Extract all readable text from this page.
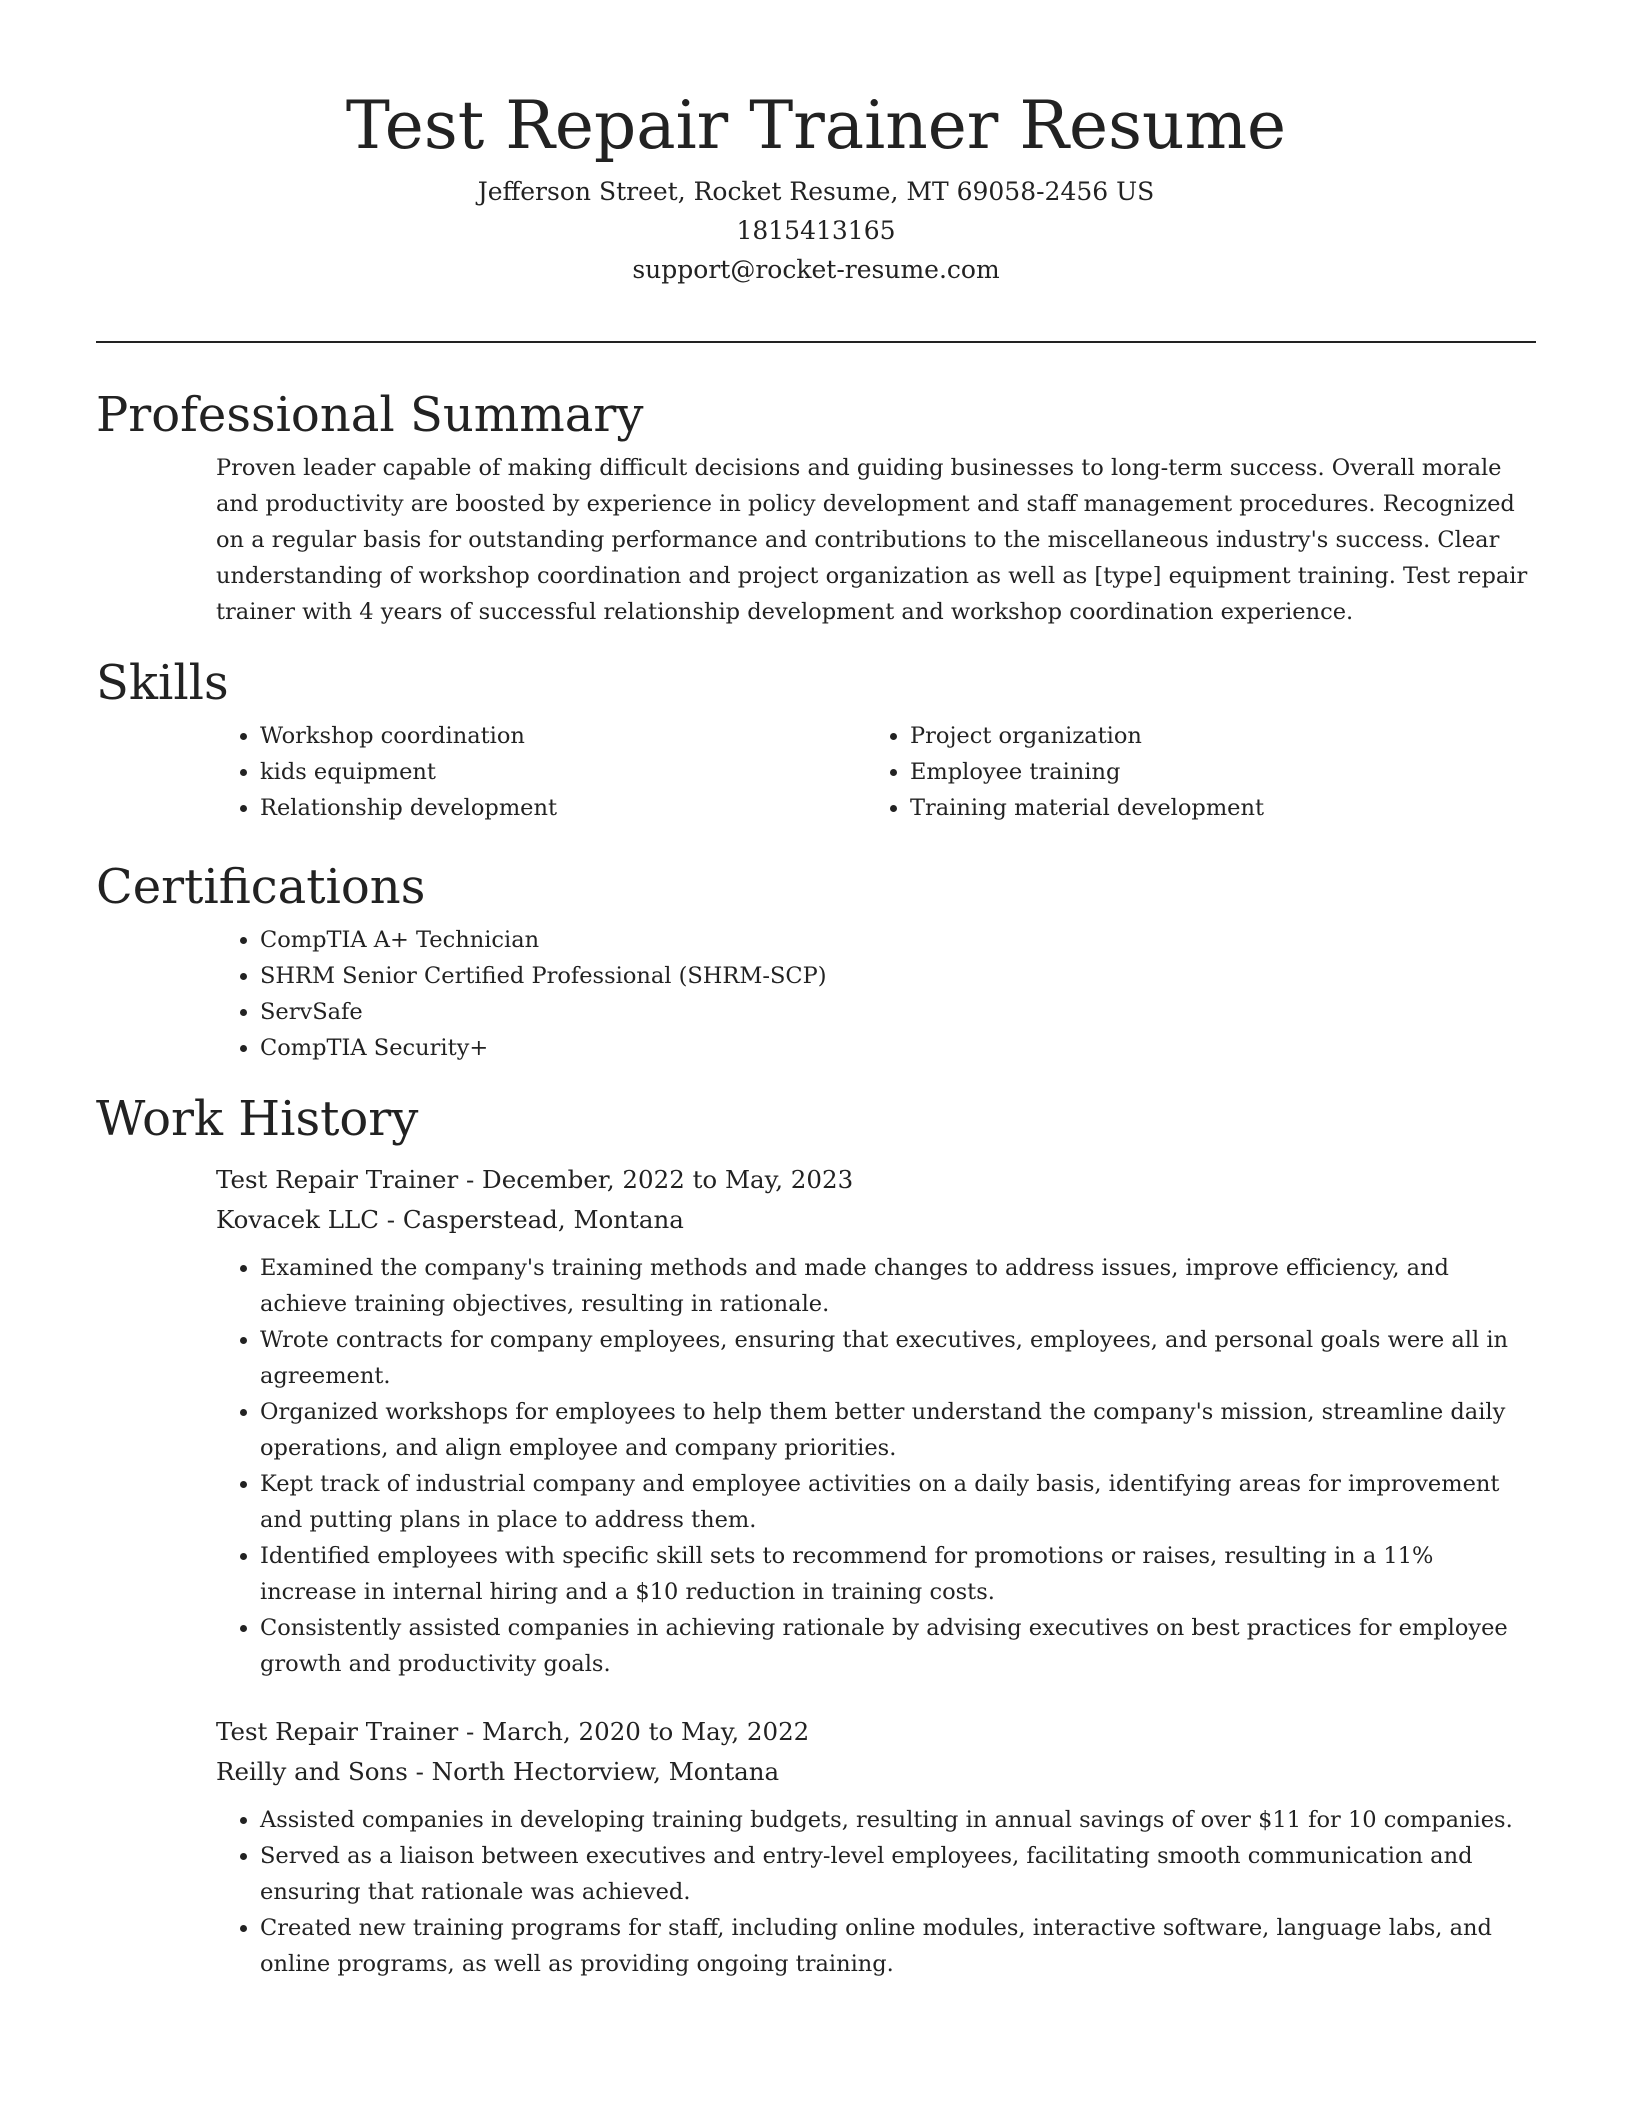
Test Repair Trainer Resume
Jefferson Street, Rocket Resume, MT 69058-2456 US
1815413165
support@rocket-resume.com
Professional Summary

Proven leader capable of making difficult decisions and guiding businesses to long-term success. Overall morale and productivity are boosted by experience in policy development and staff management procedures. Recognized on a regular basis for outstanding performance and contributions to the miscellaneous industry's success. Clear understanding of workshop coordination and project organization as well as [type] equipment training. Test repair trainer with 4 years of successful relationship development and workshop coordination experience.

Skills
• Workshop coordination
• kids equipment
• Relationship development
• Project organization
• Employee training
• Training material development
Certifications
• CompTIA A+ Technician
• SHRM Senior Certified Professional (SHRM-SCP)
• ServSafe
• CompTIA Security+
Work History
Test Repair Trainer - December, 2022 to May, 2023
Kovacek LLC - Casperstead, Montana
• Examined the company's training methods and made changes to address issues, improve efficiency, and achieve training objectives, resulting in rationale.
• Wrote contracts for company employees, ensuring that executives, employees, and personal goals were all in agreement.
• Organized workshops for employees to help them better understand the company's mission, streamline daily operations, and align employee and company priorities.
• Kept track of industrial company and employee activities on a daily basis, identifying areas for improvement and putting plans in place to address them.
• Identified employees with specific skill sets to recommend for promotions or raises, resulting in a 11% increase in internal hiring and a $10 reduction in training costs.
• Consistently assisted companies in achieving rationale by advising executives on best practices for employee growth and productivity goals.
Test Repair Trainer - March, 2020 to May, 2022
Reilly and Sons - North Hectorview, Montana
• Assisted companies in developing training budgets, resulting in annual savings of over $11 for 10 companies.
• Served as a liaison between executives and entry-level employees, facilitating smooth communication and ensuring that rationale was achieved.
• Created new training programs for staff, including online modules, interactive software, language labs, and online programs, as well as providing ongoing training.
